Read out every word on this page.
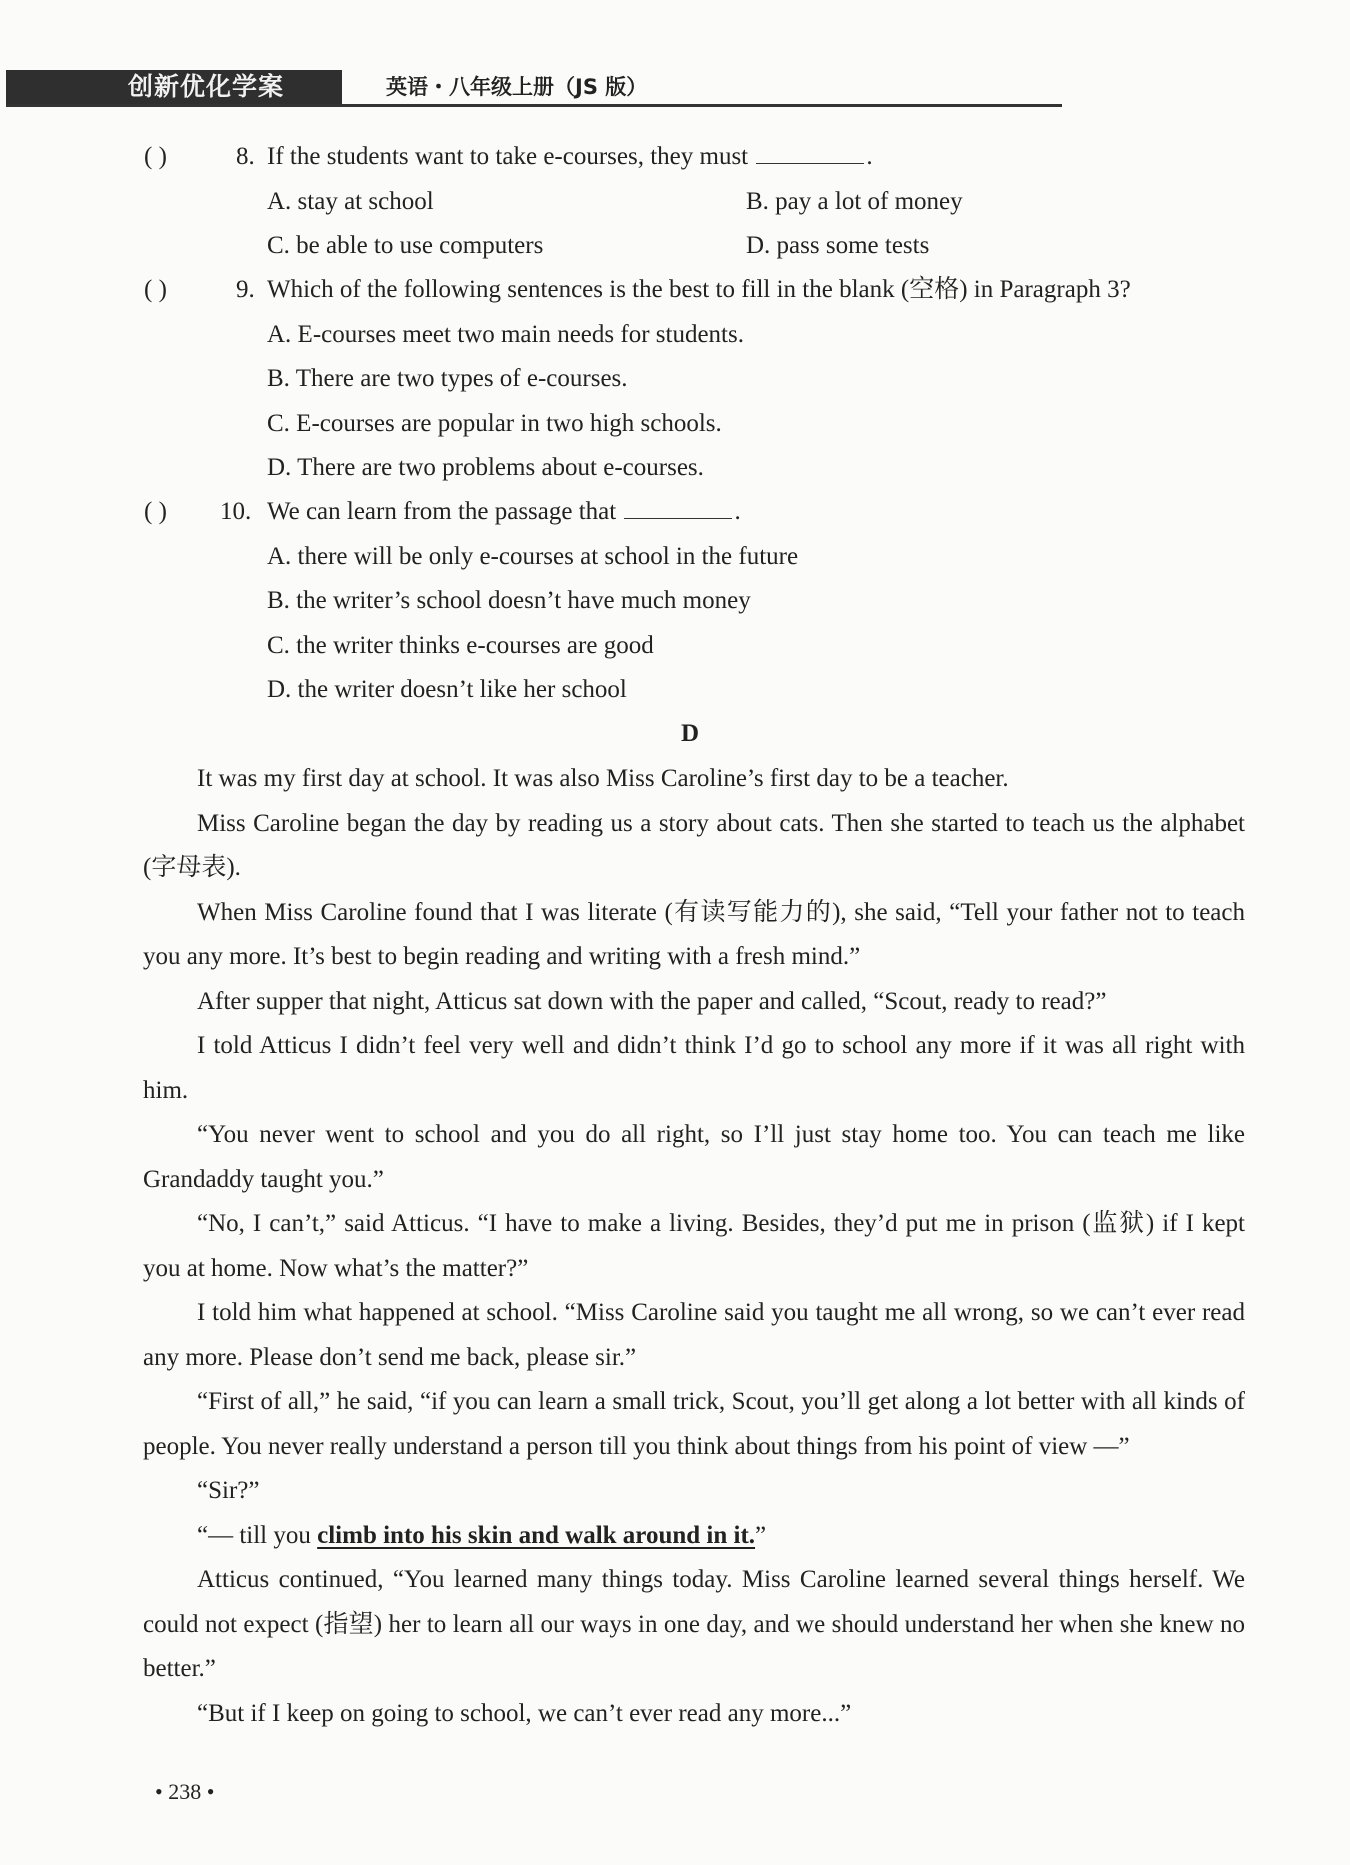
创新优化学案	英语・八年级上册（JS 版）
( )	8. If the students want to take e-courses, they must	.
A. stay at school	B. pay a lot of money
C. be able to use computers	D. pass some tests
( )	9. Which of the following sentences is the best to fill in the blank (空格) in Paragraph 3?
A. E-courses meet two main needs for students.
B. There are two types of e-courses.
C. E-courses are popular in two high schools.
D. There are two problems about e-courses.
( ) 10. We can learn from the passage that	.
A. there will be only e-courses at school in the future
B. the writer’s school doesn’t have much money
C. the writer thinks e-courses are good
D. the writer doesn’t like her school
D

It was my first day at school. It was also Miss Caroline’s first day to be a teacher.

Miss Caroline began the day by reading us a story about cats. Then she started to teach us the alphabet (字母表).

When Miss Caroline found that I was literate (有读写能力的), she said, “Tell your father not to teach you any more. It’s best to begin reading and writing with a fresh mind.”

After supper that night, Atticus sat down with the paper and called, “Scout, ready to read?”

I told Atticus I didn’t feel very well and didn’t think I’d go to school any more if it was all right with him.

“You never went to school and you do all right, so I’ll just stay home too. You can teach me like Grandaddy taught you.”

“No, I can’t,” said Atticus. “I have to make a living. Besides, they’d put me in prison (监狱) if I kept you at home. Now what’s the matter?”

I told him what happened at school. “Miss Caroline said you taught me all wrong, so we can’t ever read any more. Please don’t send me back, please sir.”

“First of all,” he said, “if you can learn a small trick, Scout, you’ll get along a lot better with all kinds of people. You never really understand a person till you think about things from his point of view —”

“Sir?”

“— till you climb into his skin and walk around in it.”

Atticus continued, “You learned many things today. Miss Caroline learned several things herself. We could not expect (指望) her to learn all our ways in one day, and we should understand her when she knew no better.”

“But if I keep on going to school, we can’t ever read any more...”

• 238 •
